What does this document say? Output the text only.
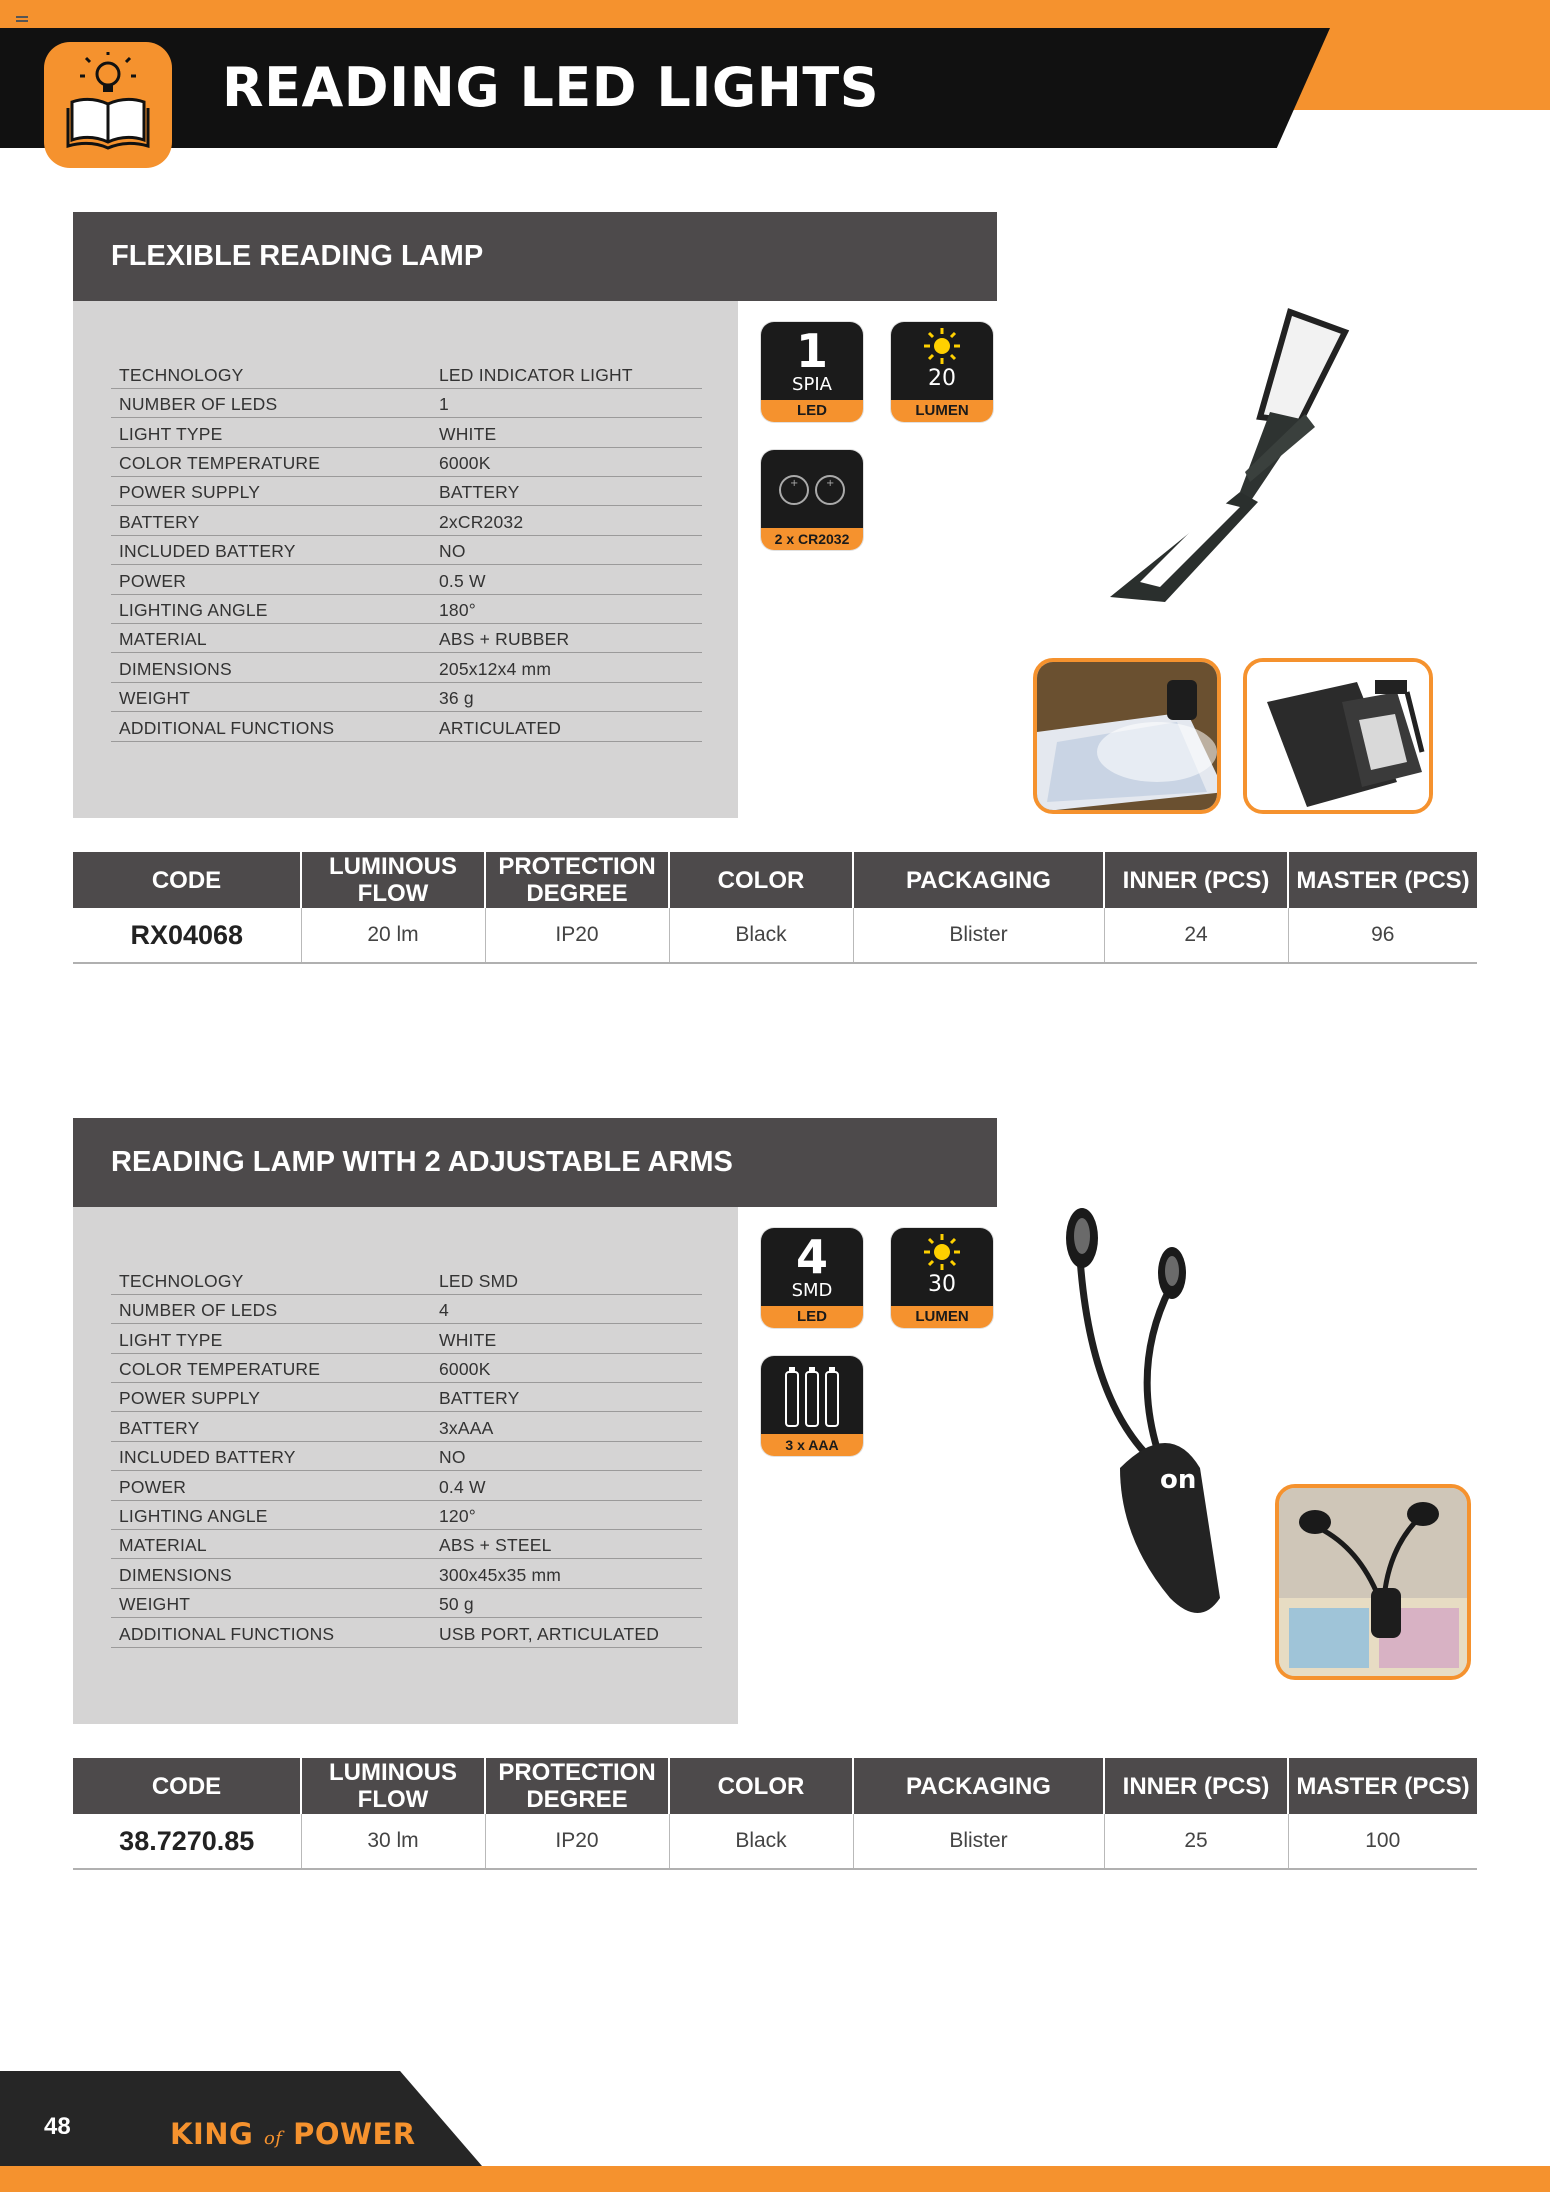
READING LED LIGHTS
FLEXIBLE READING LAMP
TECHNOLOGY	LED INDICATOR LIGHT
NUMBER OF LEDS	1
LIGHT TYPE	WHITE
COLOR TEMPERATURE	6000K
POWER SUPPLY	BATTERY
BATTERY	2xCR2032
INCLUDED BATTERY	NO
POWER	0.5 W
LIGHTING ANGLE	180°
MATERIAL	ABS + RUBBER
DIMENSIONS	205x12x4 mm
WEIGHT	36 g
ADDITIONAL FUNCTIONS	ARTICULATED
1
SPIA
LED
20
LUMEN
+	+
2 x CR2032
CODE	LUMINOUS FLOW	PROTECTION DEGREE	COLOR	PACKAGING	INNER (PCS)	MASTER (PCS)
RX04068	20 lm	IP20	Black	Blister	24	96
READING LAMP WITH 2 ADJUSTABLE ARMS
TECHNOLOGY	LED SMD
NUMBER OF LEDS	4
LIGHT TYPE	WHITE
COLOR TEMPERATURE	6000K
POWER SUPPLY	BATTERY
BATTERY	3xAAA
INCLUDED BATTERY	NO
POWER	0.4 W
LIGHTING ANGLE	120°
MATERIAL	ABS + STEEL
DIMENSIONS	300x45x35 mm
WEIGHT	50 g
ADDITIONAL FUNCTIONS	USB PORT, ARTICULATED
4
SMD
LED
30
LUMEN
3 x AAA
on
CODE	LUMINOUS FLOW	PROTECTION DEGREE	COLOR	PACKAGING	INNER (PCS)	MASTER (PCS)
38.7270.85	30 lm	IP20	Black	Blister	25	100
48	KING of POWER
